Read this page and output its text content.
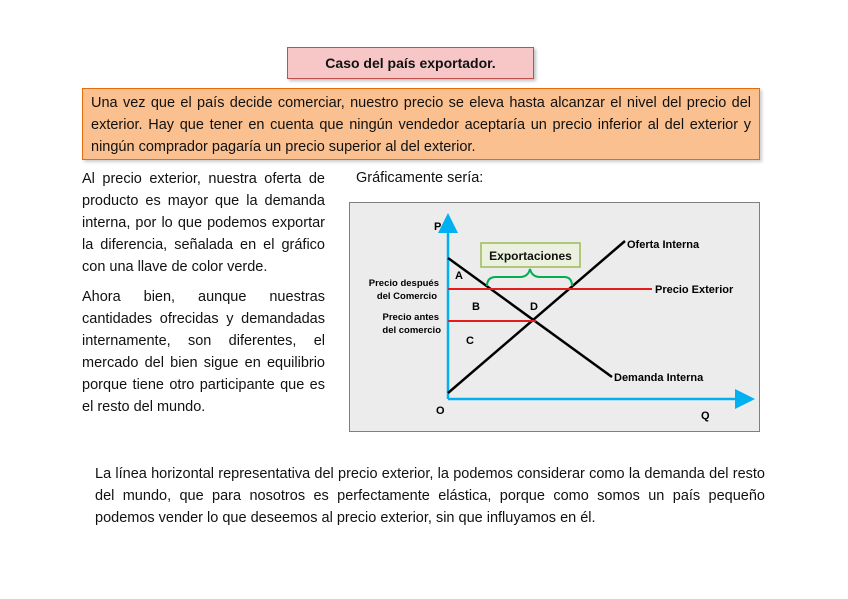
Caso del país exportador.
Una vez que el país decide comerciar, nuestro precio se eleva hasta alcanzar el nivel del precio del exterior. Hay que tener en cuenta que ningún vendedor aceptaría un precio inferior al del exterior y ningún comprador pagaría un precio superior al del exterior.

Al precio exterior, nuestra oferta de producto es mayor que la demanda interna, por lo que podemos exportar la diferencia, señalada en el gráfico con una llave de color verde.

Ahora bien, aunque nuestras cantidades ofrecidas y demandadas internamente, son diferentes, el mercado del bien sigue en equilibrio porque tiene otro participante que es el resto del mundo.

Gráficamente sería:
Exportaciones
P
Q
O
Oferta Interna
Precio Exterior
Demanda Interna
Precio después
del Comercio
Precio antes
del comercio
A
B
C
D
La línea horizontal representativa del precio exterior, la podemos considerar como la demanda del resto del mundo, que para nosotros es perfectamente elástica, porque como somos un país pequeño podemos vender lo que deseemos al precio exterior, sin que influyamos en él.
